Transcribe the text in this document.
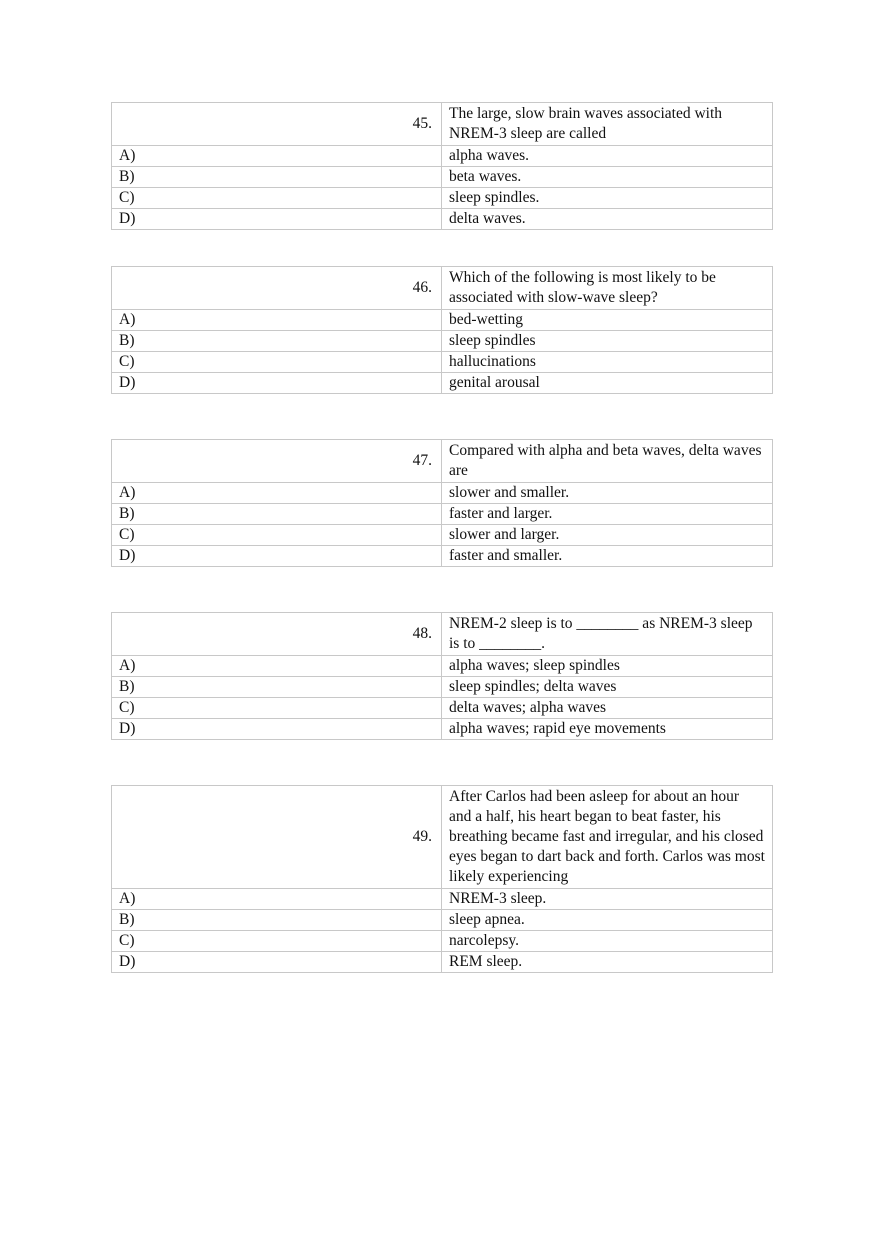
45.	The large, slow brain waves associated with NREM-3 sleep are called
A)	alpha waves.
B)	beta waves.
C)	sleep spindles.
D)	delta waves.
46.	Which of the following is most likely to be associated with slow-wave sleep?
A)	bed-wetting
B)	sleep spindles
C)	hallucinations
D)	genital arousal
47.	Compared with alpha and beta waves, delta waves are
A)	slower and smaller.
B)	faster and larger.
C)	slower and larger.
D)	faster and smaller.
48.	NREM-2 sleep is to ________ as NREM-3 sleep is to ________.
A)	alpha waves; sleep spindles
B)	sleep spindles; delta waves
C)	delta waves; alpha waves
D)	alpha waves; rapid eye movements
49.	After Carlos had been asleep for about an hour and a half, his heart began to beat faster, his breathing became fast and irregular, and his closed eyes began to dart back and forth. Carlos was most likely experiencing
A)	NREM-3 sleep.
B)	sleep apnea.
C)	narcolepsy.
D)	REM sleep.
